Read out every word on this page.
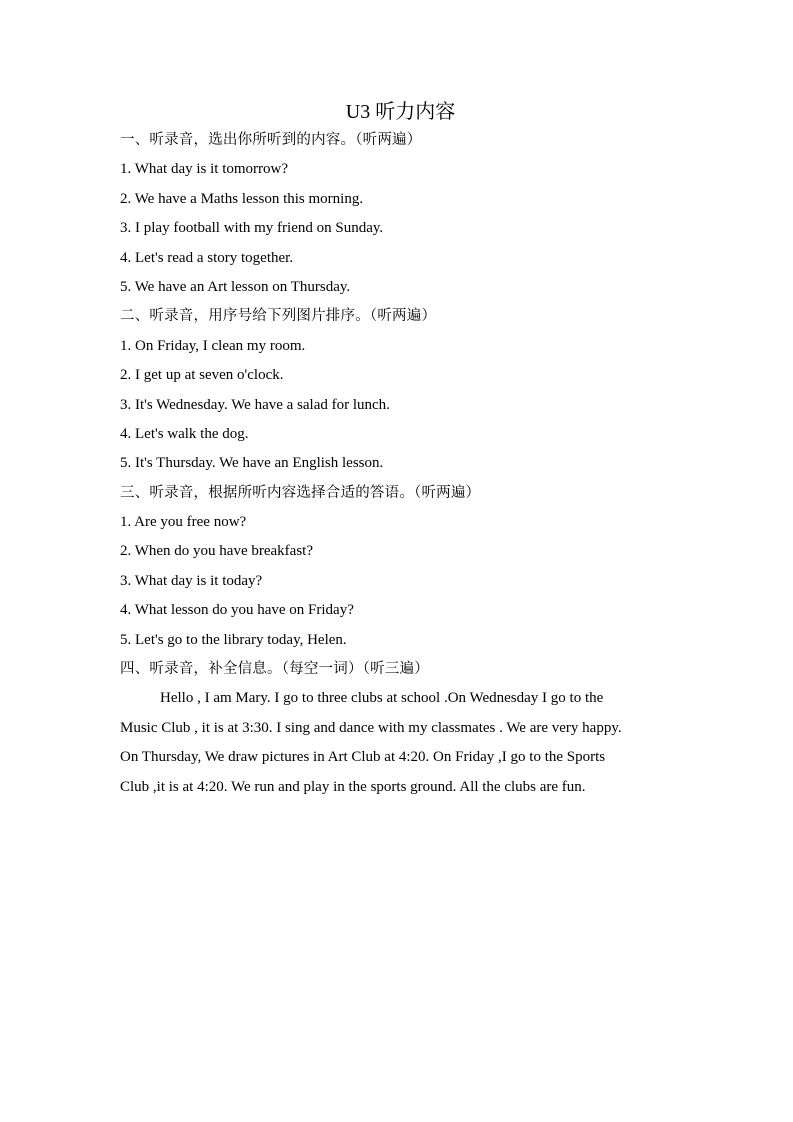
U3 听力内容
一、听录音，选出你所听到的内容。（听两遍）
1. What day is it tomorrow?
2. We have a Maths lesson this morning.
3. I play football with my friend on Sunday.
4. Let's read a story together.
5. We have an Art lesson on Thursday.
二、听录音，用序号给下列图片排序。（听两遍）
1. On Friday, I clean my room.
2. I get up at seven o'clock.
3. It's Wednesday. We have a salad for lunch.
4. Let's walk the dog.
5. It's Thursday. We have an English lesson.
三、听录音，根据所听内容选择合适的答语。（听两遍）
1. Are you free now?
2. When do you have breakfast?
3. What day is it today?
4. What lesson do you have on Friday?
5. Let's go to the library today, Helen.
四、听录音，补全信息。（每空一词）（听三遍）
Hello , I am Mary. I go to three clubs at school .On Wednesday I go to the
Music Club , it is at 3:30. I sing and dance with my classmates . We are very happy.
On Thursday, We draw pictures in Art Club at 4:20. On Friday ,I go to the Sports
Club ,it is at 4:20. We run and play in the sports ground. All the clubs are fun.
